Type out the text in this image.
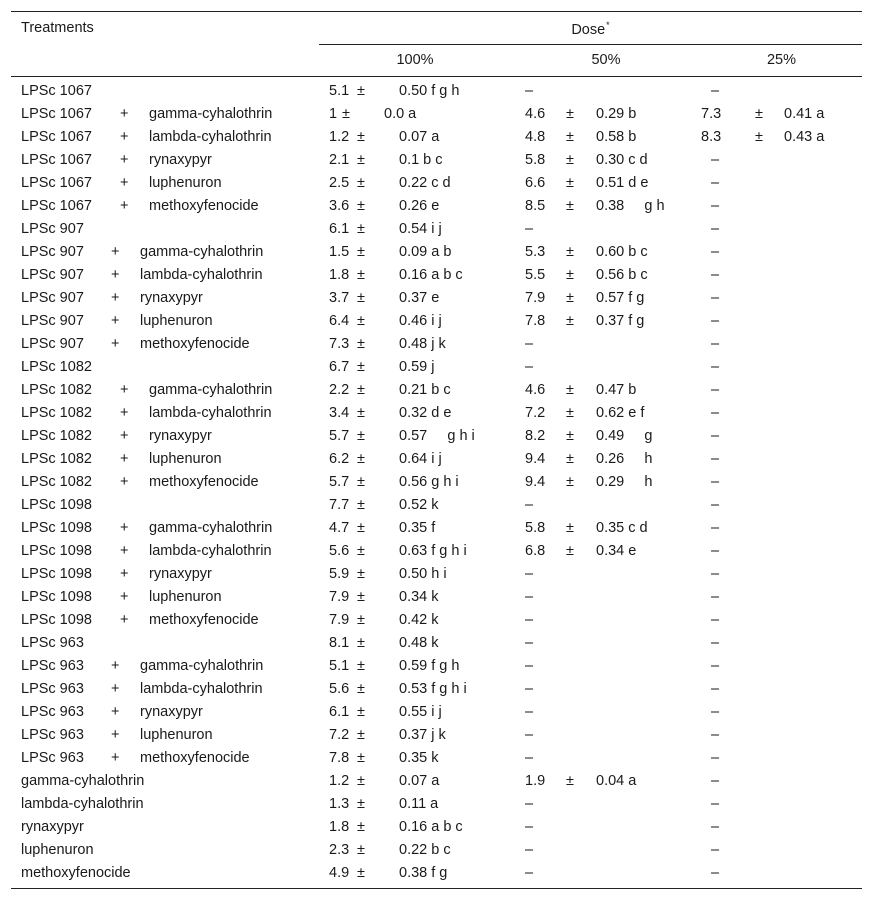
Treatments	Dose*
100%	50%	25%
LPSc 1067	5.1 ± 0.50 f g h	–	–
LPSc 1067 + gamma-cyhalothrin	1 ± 0.0 a	4.6 ± 0.29 b	7.3 ± 0.41 a
LPSc 1067 + lambda-cyhalothrin	1.2 ± 0.07 a	4.8 ± 0.58 b	8.3 ± 0.43 a
LPSc 1067 + rynaxypyr	2.1 ± 0.1 b c	5.8 ± 0.30 c d	–
LPSc 1067 + luphenuron	2.5 ± 0.22 c d	6.6 ± 0.51 d e	–
LPSc 1067 + methoxyfenocide	3.6 ± 0.26 e	8.5 ± 0.38     g h	–
LPSc 907	6.1 ± 0.54 i j	–	–
LPSc 907 + gamma-cyhalothrin	1.5 ± 0.09 a b	5.3 ± 0.60 b c	–
LPSc 907 + lambda-cyhalothrin	1.8 ± 0.16 a b c	5.5 ± 0.56 b c	–
LPSc 907 + rynaxypyr	3.7 ± 0.37 e	7.9 ± 0.57 f g	–
LPSc 907 + luphenuron	6.4 ± 0.46 i j	7.8 ± 0.37 f g	–
LPSc 907 + methoxyfenocide	7.3 ± 0.48 j k	–	–
LPSc 1082	6.7 ± 0.59 j	–	–
LPSc 1082 + gamma-cyhalothrin	2.2 ± 0.21 b c	4.6 ± 0.47 b	–
LPSc 1082 + lambda-cyhalothrin	3.4 ± 0.32 d e	7.2 ± 0.62 e f	–
LPSc 1082 + rynaxypyr	5.7 ± 0.57     g h i	8.2 ± 0.49     g	–
LPSc 1082 + luphenuron	6.2 ± 0.64 i j	9.4 ± 0.26     h	–
LPSc 1082 + methoxyfenocide	5.7 ± 0.56 g h i	9.4 ± 0.29     h	–
LPSc 1098	7.7 ± 0.52 k	–	–
LPSc 1098 + gamma-cyhalothrin	4.7 ± 0.35 f	5.8 ± 0.35 c d	–
LPSc 1098 + lambda-cyhalothrin	5.6 ± 0.63 f g h i	6.8 ± 0.34 e	–
LPSc 1098 + rynaxypyr	5.9 ± 0.50 h i	–	–
LPSc 1098 + luphenuron	7.9 ± 0.34 k	–	–
LPSc 1098 + methoxyfenocide	7.9 ± 0.42 k	–	–
LPSc 963	8.1 ± 0.48 k	–	–
LPSc 963 + gamma-cyhalothrin	5.1 ± 0.59 f g h	–	–
LPSc 963 + lambda-cyhalothrin	5.6 ± 0.53 f g h i	–	–
LPSc 963 + rynaxypyr	6.1 ± 0.55 i j	–	–
LPSc 963 + luphenuron	7.2 ± 0.37 j k	–	–
LPSc 963 + methoxyfenocide	7.8 ± 0.35 k	–	–
gamma-cyhalothrin	1.2 ± 0.07 a	1.9 ± 0.04 a	–
lambda-cyhalothrin	1.3 ± 0.11 a	–	–
rynaxypyr	1.8 ± 0.16 a b c	–	–
luphenuron	2.3 ± 0.22 b c	–	–
methoxyfenocide	4.9 ± 0.38 f g	–	–
